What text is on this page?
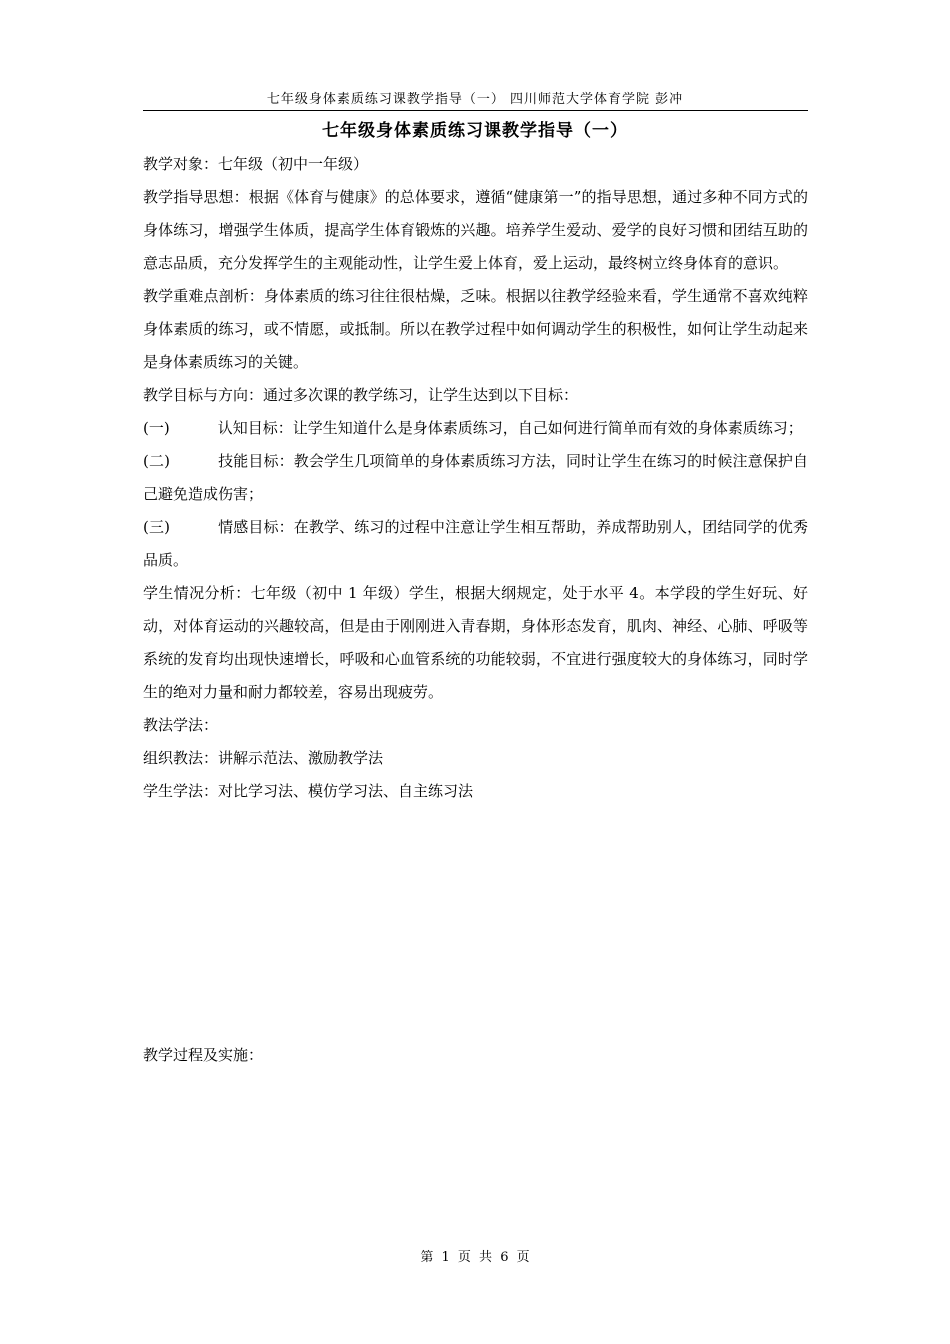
七年级身体素质练习课教学指导（一） 四川师范大学体育学院 彭冲
七年级身体素质练习课教学指导（一）

教学对象：七年级（初中一年级）

教学指导思想：根据《体育与健康》的总体要求，遵循“健康第一”的指导思想，通过多种不同方式的身体练习，增强学生体质，提高学生体育锻炼的兴趣。培养学生爱动、爱学的良好习惯和团结互助的意志品质，充分发挥学生的主观能动性，让学生爱上体育，爱上运动，最终树立终身体育的意识。

教学重难点剖析：身体素质的练习往往很枯燥，乏味。根据以往教学经验来看，学生通常不喜欢纯粹身体素质的练习，或不情愿，或抵制。所以在教学过程中如何调动学生的积极性，如何让学生动起来是身体素质练习的关键。

教学目标与方向：通过多次课的教学练习，让学生达到以下目标：

(一)	认知目标：让学生知道什么是身体素质练习，自己如何进行简单而有效的身体素质练习；

(二)	技能目标：教会学生几项简单的身体素质练习方法，同时让学生在练习的时候注意保护自己避免造成伤害；

(三)	情感目标：在教学、练习的过程中注意让学生相互帮助，养成帮助别人，团结同学的优秀品质。

学生情况分析：七年级（初中 1 年级）学生，根据大纲规定，处于水平 4。本学段的学生好玩、好动，对体育运动的兴趣较高，但是由于刚刚进入青春期，身体形态发育，肌肉、神经、心肺、呼吸等系统的发育均出现快速增长，呼吸和心血管系统的功能较弱，不宜进行强度较大的身体练习，同时学生的绝对力量和耐力都较差，容易出现疲劳。

教法学法：

组织教法：讲解示范法、激励教学法

学生学法：对比学习法、模仿学习法、自主练习法

教学过程及实施：

第 1 页 共 6 页
